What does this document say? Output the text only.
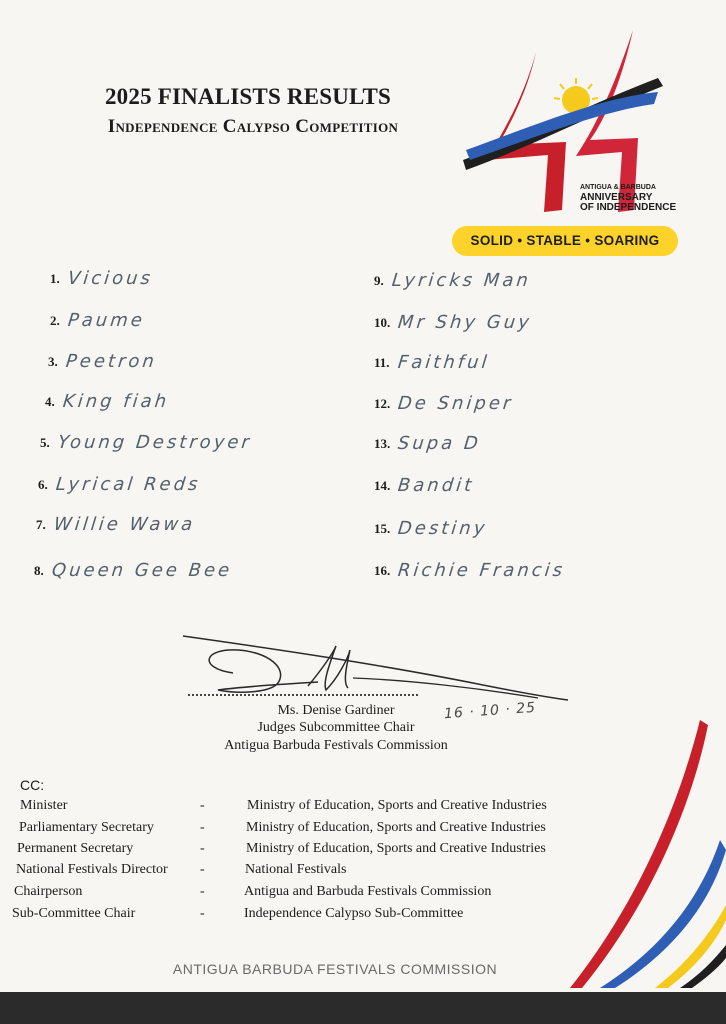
2025 FINALISTS RESULTS
Independence Calypso Competition
ANTIGUA & BARBUDA
ANNIVERSARY
OF INDEPENDENCE
SOLID • STABLE • SOARING
1. Vicious
2. Paume
3. Peetron
4. King fiah
5. Young Destroyer
6. Lyrical Reds
7. Willie Wawa
8. Queen Gee Bee
9. Lyricks Man
10. Mr Shy Guy
11. Faithful
12. De Sniper
13. Supa D
14. Bandit
15. Destiny
16. Richie Francis
16 · 10 · 25
Ms. Denise Gardiner
Judges Subcommittee Chair
Antigua Barbuda Festivals Commission
CC:
Minister	-	Ministry of Education, Sports and Creative Industries
Parliamentary Secretary	-	Ministry of Education, Sports and Creative Industries
Permanent Secretary	-	Ministry of Education, Sports and Creative Industries
National Festivals Director -	National Festivals
Chairperson	-	Antigua and Barbuda Festivals Commission
Sub-Committee Chair	-	Independence Calypso Sub-Committee
ANTIGUA BARBUDA FESTIVALS COMMISSION
